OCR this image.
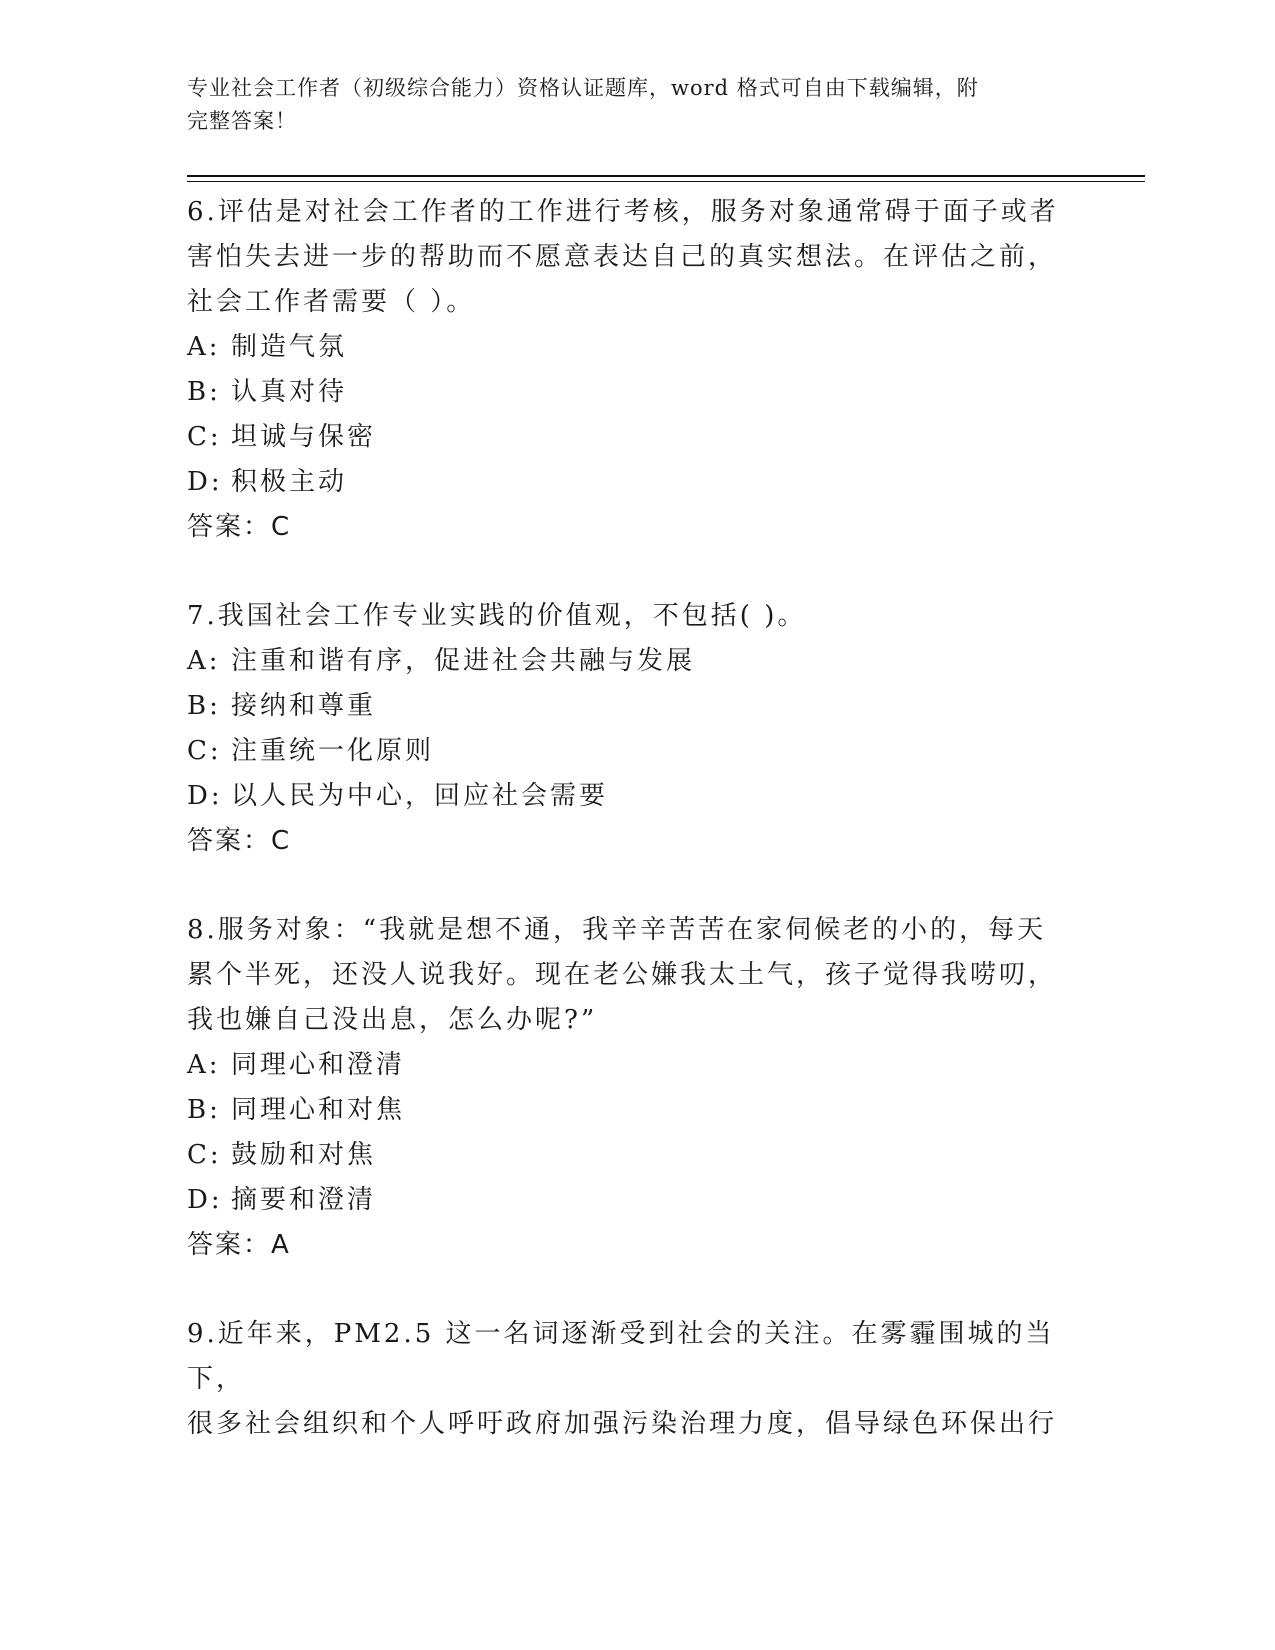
专业社会工作者（初级综合能力）资格认证题库，word 格式可自由下载编辑，附
完整答案！

6.评估是对社会工作者的工作进行考核，服务对象通常碍于面子或者

害怕失去进一步的帮助而不愿意表达自己的真实想法。在评估之前，

社会工作者需要（ ）。

A: 制造气氛

B: 认真对待

C: 坦诚与保密

D: 积极主动

答案：C

7.我国社会工作专业实践的价值观，不包括( )。

A: 注重和谐有序，促进社会共融与发展

B: 接纳和尊重

C: 注重统一化原则

D: 以人民为中心，回应社会需要

答案：C

8.服务对象：“我就是想不通，我辛辛苦苦在家伺候老的小的，每天

累个半死，还没人说我好。现在老公嫌我太土气，孩子觉得我唠叨，

我也嫌自己没出息，怎么办呢?”

A: 同理心和澄清

B: 同理心和对焦

C: 鼓励和对焦

D: 摘要和澄清

答案：A

9.近年来，PM2.5 这一名词逐渐受到社会的关注。在雾霾围城的当下，

很多社会组织和个人呼吁政府加强污染治理力度，倡导绿色环保出行
